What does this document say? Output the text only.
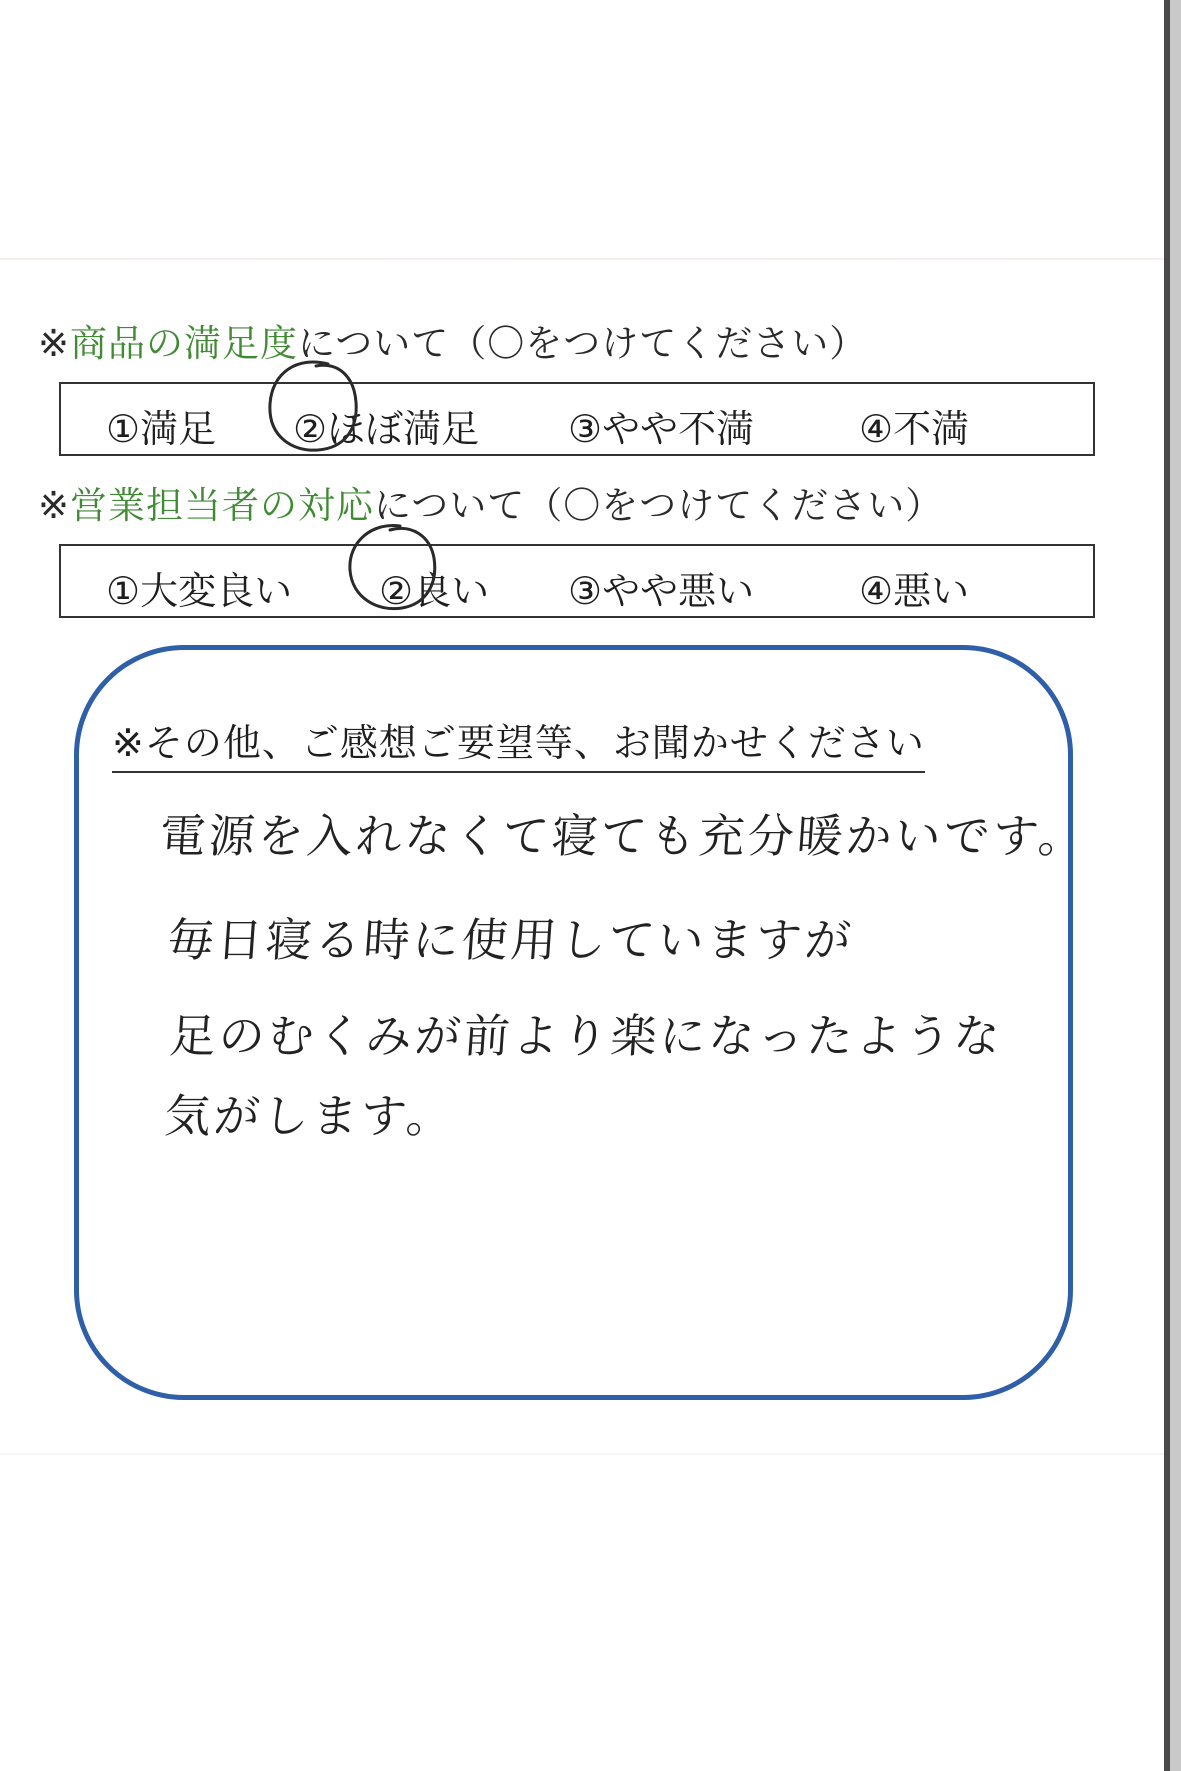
※商品の満足度について（〇をつけてください）
①満足 ②ほぼ満足 ③やや不満	④不満
※営業担当者の対応について（〇をつけてください）
①大変良い ②良い ③やや悪い	④悪い
※その他、ご感想ご要望等、お聞かせください
電源を入れなくて寝ても充分暖かいです。
毎日寝る時に使用していますが
足のむくみが前より楽になったような
気がします。
